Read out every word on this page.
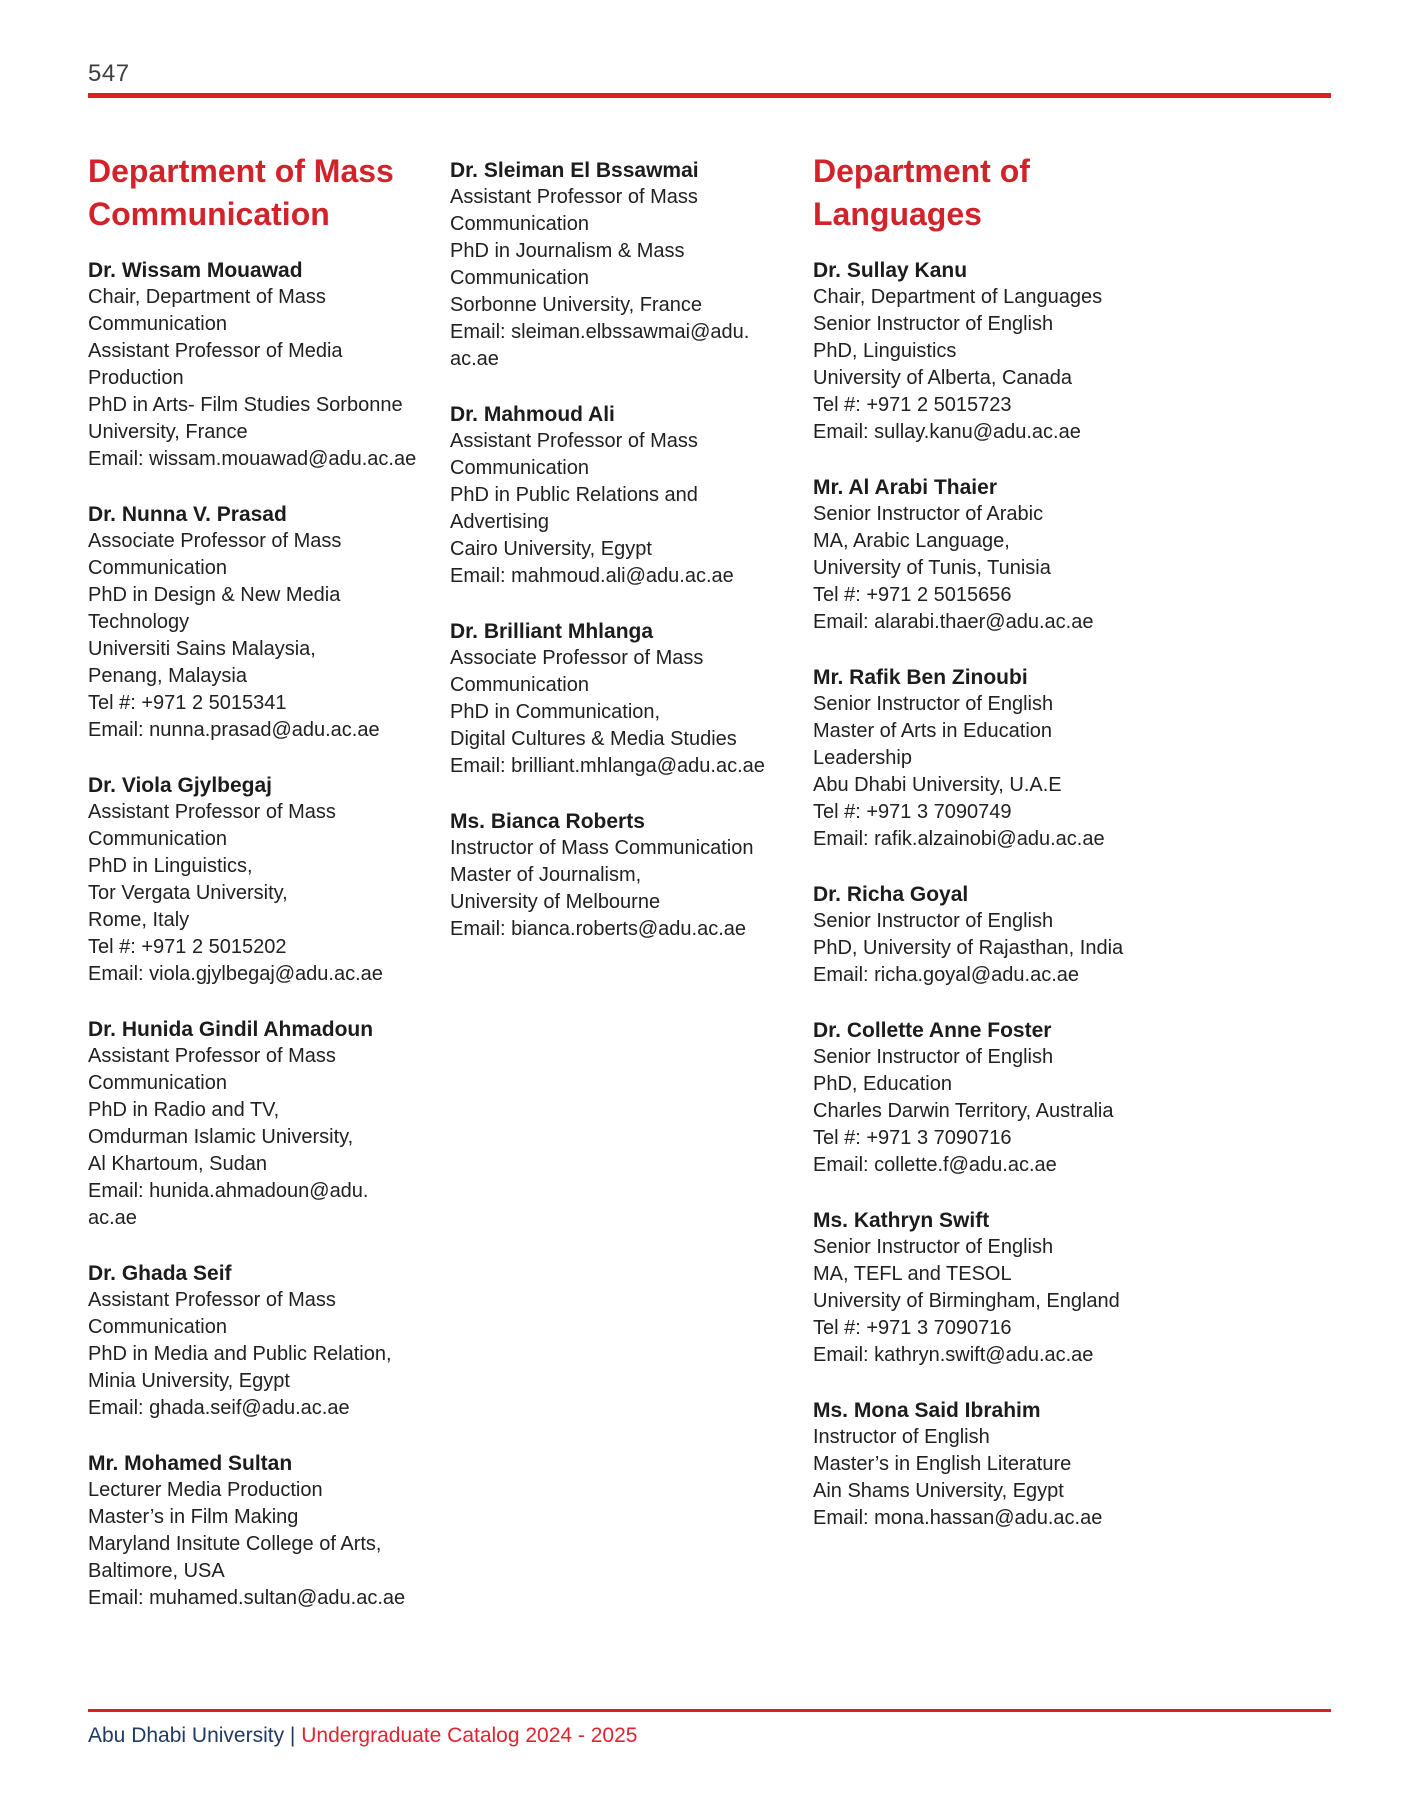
547
Department of Mass
Communication
Dr. Wissam Mouawad
Chair, Department of Mass
Communication
Assistant Professor of Media
Production
PhD in Arts- Film Studies Sorbonne
University, France
Email: wissam.mouawad@adu.ac.ae
Dr. Nunna V. Prasad
Associate Professor of Mass
Communication
PhD in Design & New Media
Technology
Universiti Sains Malaysia,
Penang, Malaysia
Tel #: +971 2 5015341
Email: nunna.prasad@adu.ac.ae
Dr. Viola Gjylbegaj
Assistant Professor of Mass
Communication
PhD in Linguistics,
Tor Vergata University,
Rome, Italy
Tel #: +971 2 5015202
Email: viola.gjylbegaj@adu.ac.ae
Dr. Hunida Gindil Ahmadoun
Assistant Professor of Mass
Communication
PhD in Radio and TV,
Omdurman Islamic University,
Al Khartoum, Sudan
Email: hunida.ahmadoun@adu.
ac.ae
Dr. Ghada Seif
Assistant Professor of Mass
Communication
PhD in Media and Public Relation,
Minia University, Egypt
Email: ghada.seif@adu.ac.ae
Mr. Mohamed Sultan
Lecturer Media Production
Master’s in Film Making
Maryland Insitute College of Arts,
Baltimore, USA
Email: muhamed.sultan@adu.ac.ae
Dr. Sleiman El Bssawmai
Assistant Professor of Mass
Communication
PhD in Journalism & Mass
Communication
Sorbonne University, France
Email: sleiman.elbssawmai@adu.
ac.ae
Dr. Mahmoud Ali
Assistant Professor of Mass
Communication
PhD in Public Relations and
Advertising
Cairo University, Egypt
Email: mahmoud.ali@adu.ac.ae
Dr. Brilliant Mhlanga
Associate Professor of Mass
Communication
PhD in Communication,
Digital Cultures & Media Studies
Email: brilliant.mhlanga@adu.ac.ae
Ms. Bianca Roberts
Instructor of Mass Communication
Master of Journalism,
University of Melbourne
Email: bianca.roberts@adu.ac.ae
Department of
Languages
Dr. Sullay Kanu
Chair, Department of Languages
Senior Instructor of English
PhD, Linguistics
University of Alberta, Canada
Tel #: +971 2 5015723
Email: sullay.kanu@adu.ac.ae
Mr. Al Arabi Thaier
Senior Instructor of Arabic
MA, Arabic Language,
University of Tunis, Tunisia
Tel #: +971 2 5015656
Email: alarabi.thaer@adu.ac.ae
Mr. Rafik Ben Zinoubi
Senior Instructor of English
Master of Arts in Education
Leadership
Abu Dhabi University, U.A.E
Tel #: +971 3 7090749
Email: rafik.alzainobi@adu.ac.ae
Dr. Richa Goyal
Senior Instructor of English
PhD, University of Rajasthan, India
Email: richa.goyal@adu.ac.ae
Dr. Collette Anne Foster
Senior Instructor of English
PhD, Education
Charles Darwin Territory, Australia
Tel #: +971 3 7090716
Email: collette.f@adu.ac.ae
Ms. Kathryn Swift
Senior Instructor of English
MA, TEFL and TESOL
University of Birmingham, England
Tel #: +971 3 7090716
Email: kathryn.swift@adu.ac.ae
Ms. Mona Said Ibrahim
Instructor of English
Master’s in English Literature
Ain Shams University, Egypt
Email: mona.hassan@adu.ac.ae
Abu Dhabi University | Undergraduate Catalog 2024 - 2025
